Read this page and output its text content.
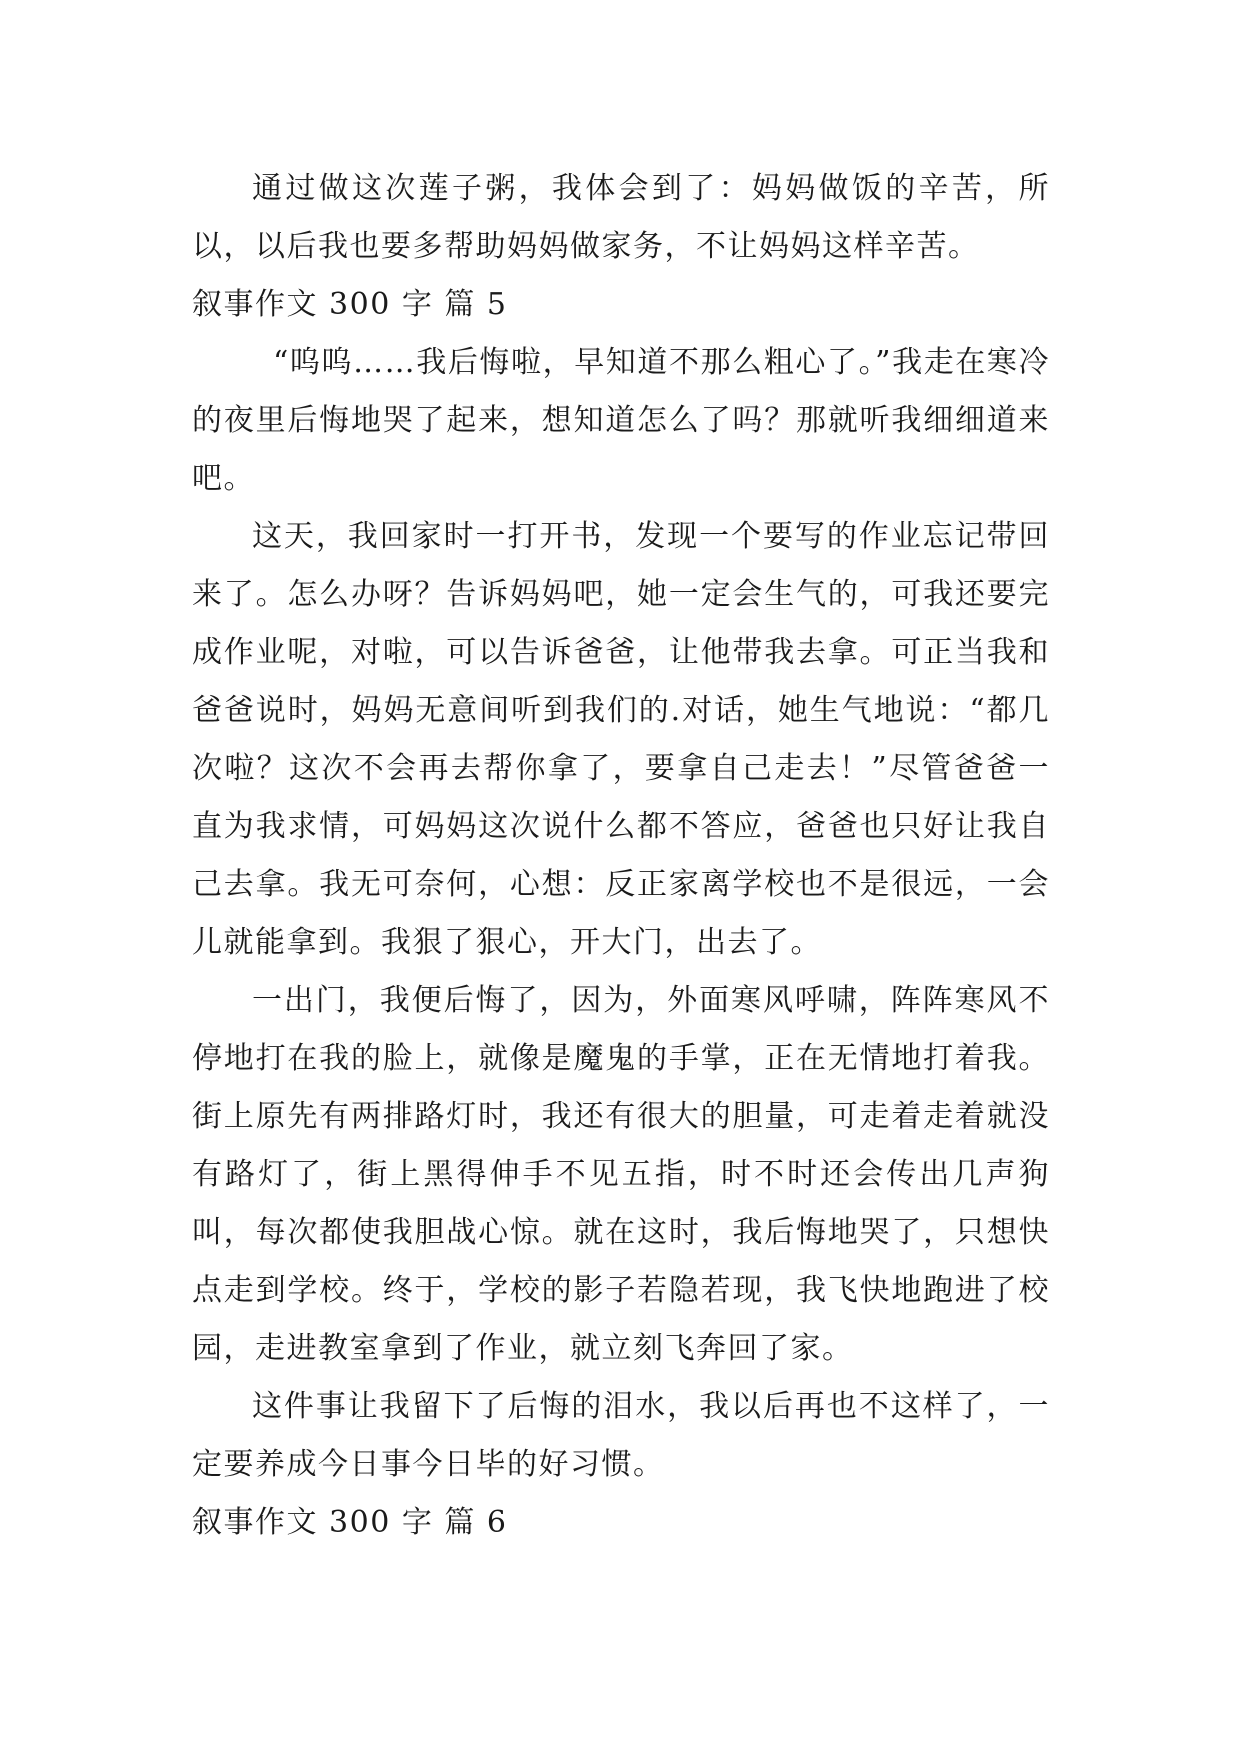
通过做这次莲子粥，我体会到了：妈妈做饭的辛苦，所以，以后我也要多帮助妈妈做家务，不让妈妈这样辛苦。

叙事作文 300 字 篇 5

“呜呜……我后悔啦，早知道不那么粗心了。”我走在寒冷的夜里后悔地哭了起来，想知道怎么了吗？那就听我细细道来吧。

这天，我回家时一打开书，发现一个要写的作业忘记带回来了。怎么办呀？告诉妈妈吧，她一定会生气的，可我还要完成作业呢，对啦，可以告诉爸爸，让他带我去拿。可正当我和爸爸说时，妈妈无意间听到我们的.对话，她生气地说：“都几次啦？这次不会再去帮你拿了，要拿自己走去！”尽管爸爸一直为我求情，可妈妈这次说什么都不答应，爸爸也只好让我自己去拿。我无可奈何，心想：反正家离学校也不是很远，一会儿就能拿到。我狠了狠心，开大门，出去了。

一出门，我便后悔了，因为，外面寒风呼啸，阵阵寒风不停地打在我的脸上，就像是魔鬼的手掌，正在无情地打着我。街上原先有两排路灯时，我还有很大的胆量，可走着走着就没有路灯了，街上黑得伸手不见五指，时不时还会传出几声狗叫，每次都使我胆战心惊。就在这时，我后悔地哭了，只想快点走到学校。终于，学校的影子若隐若现，我飞快地跑进了校园，走进教室拿到了作业，就立刻飞奔回了家。

这件事让我留下了后悔的泪水，我以后再也不这样了，一定要养成今日事今日毕的好习惯。

叙事作文 300 字 篇 6
